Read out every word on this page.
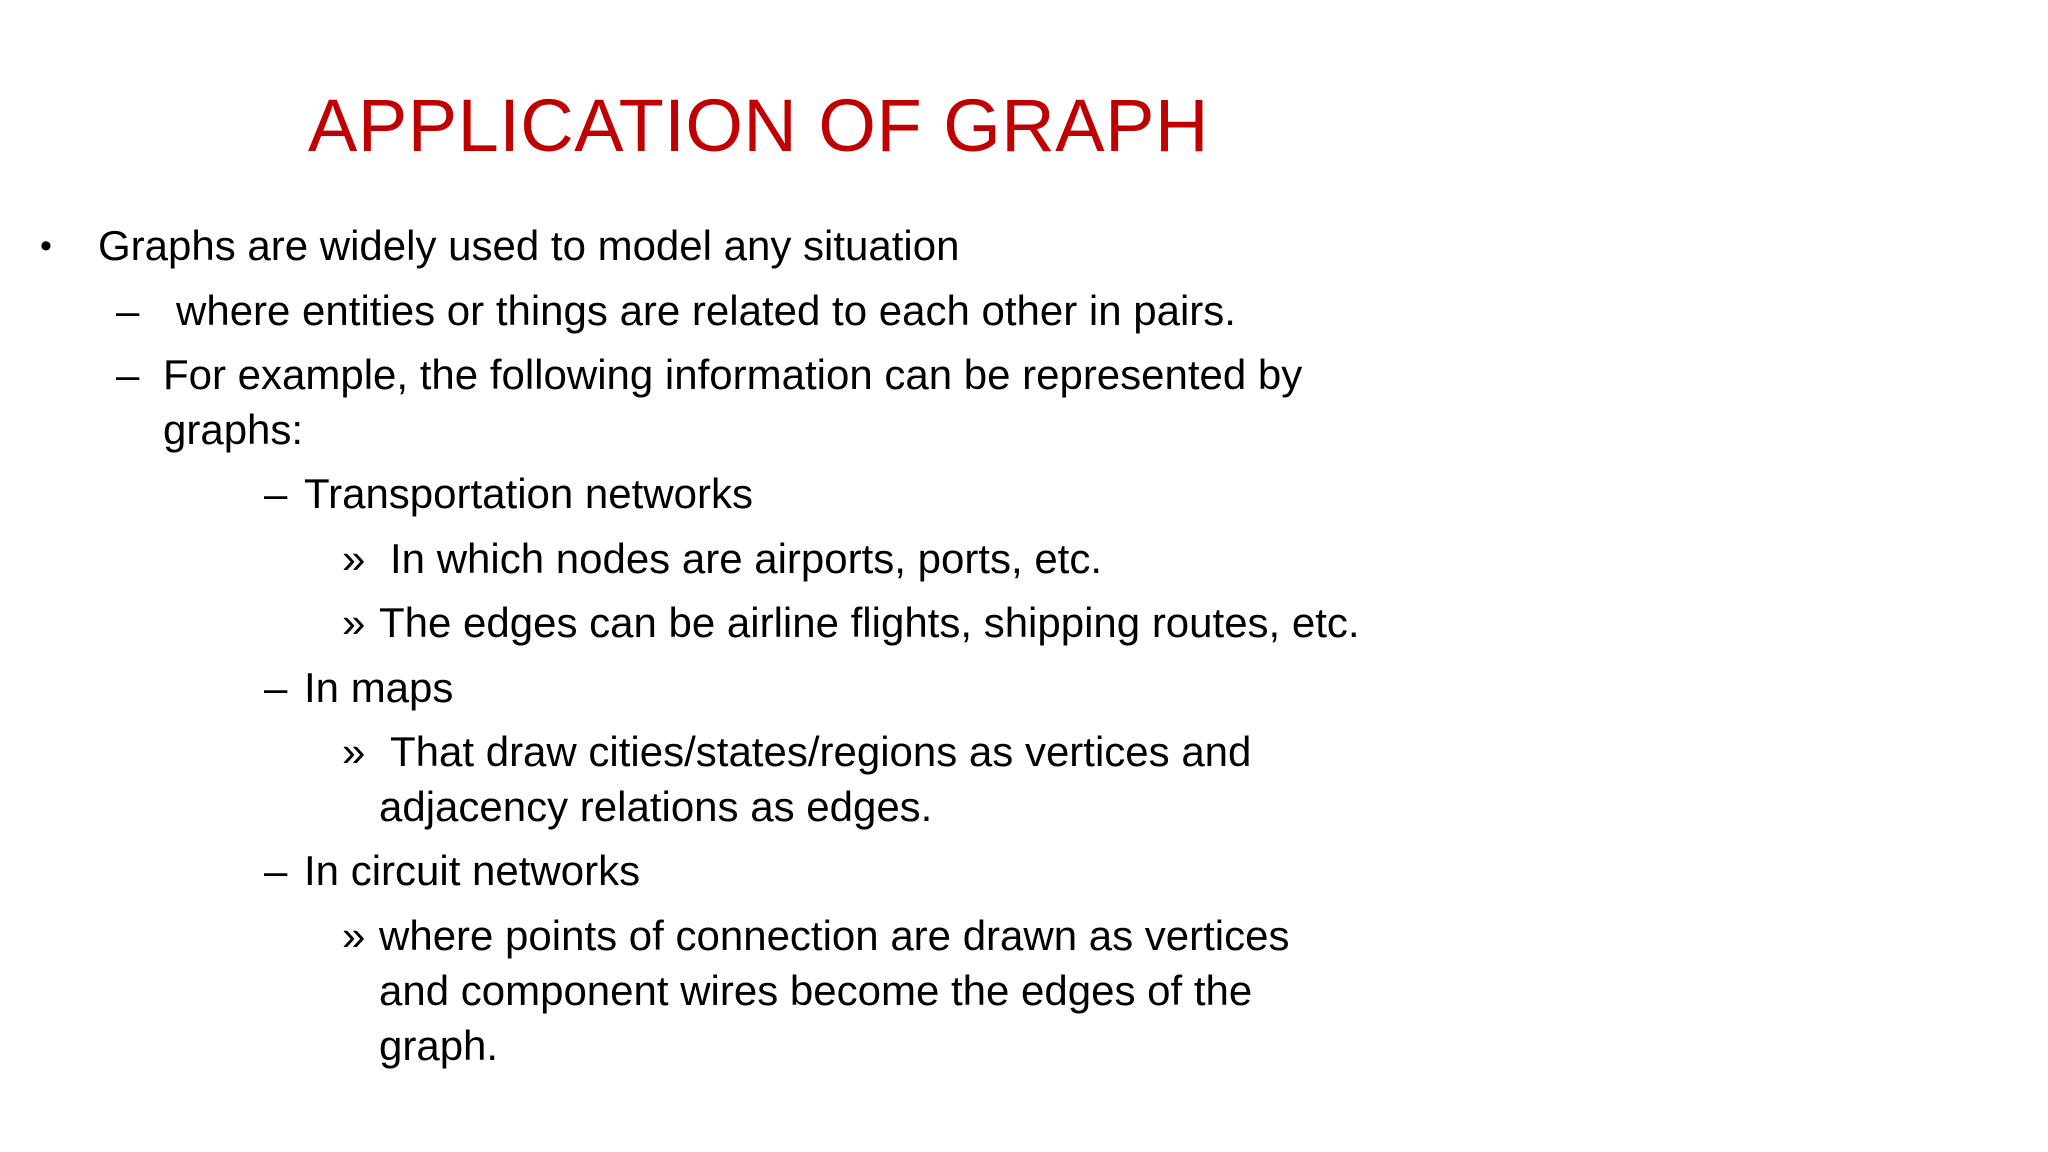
APPLICATION OF GRAPH
• Graphs are widely used to model any situation
– where entities or things are related to each other in pairs.
– For example, the following information can be represented by
graphs:
– Transportation networks
» In which nodes are airports, ports, etc.
» The edges can be airline flights, shipping routes, etc.
– In maps
» That draw cities/states/regions as vertices and
adjacency relations as edges.
– In circuit networks
» where points of connection are drawn as vertices
and component wires become the edges of the
graph.
